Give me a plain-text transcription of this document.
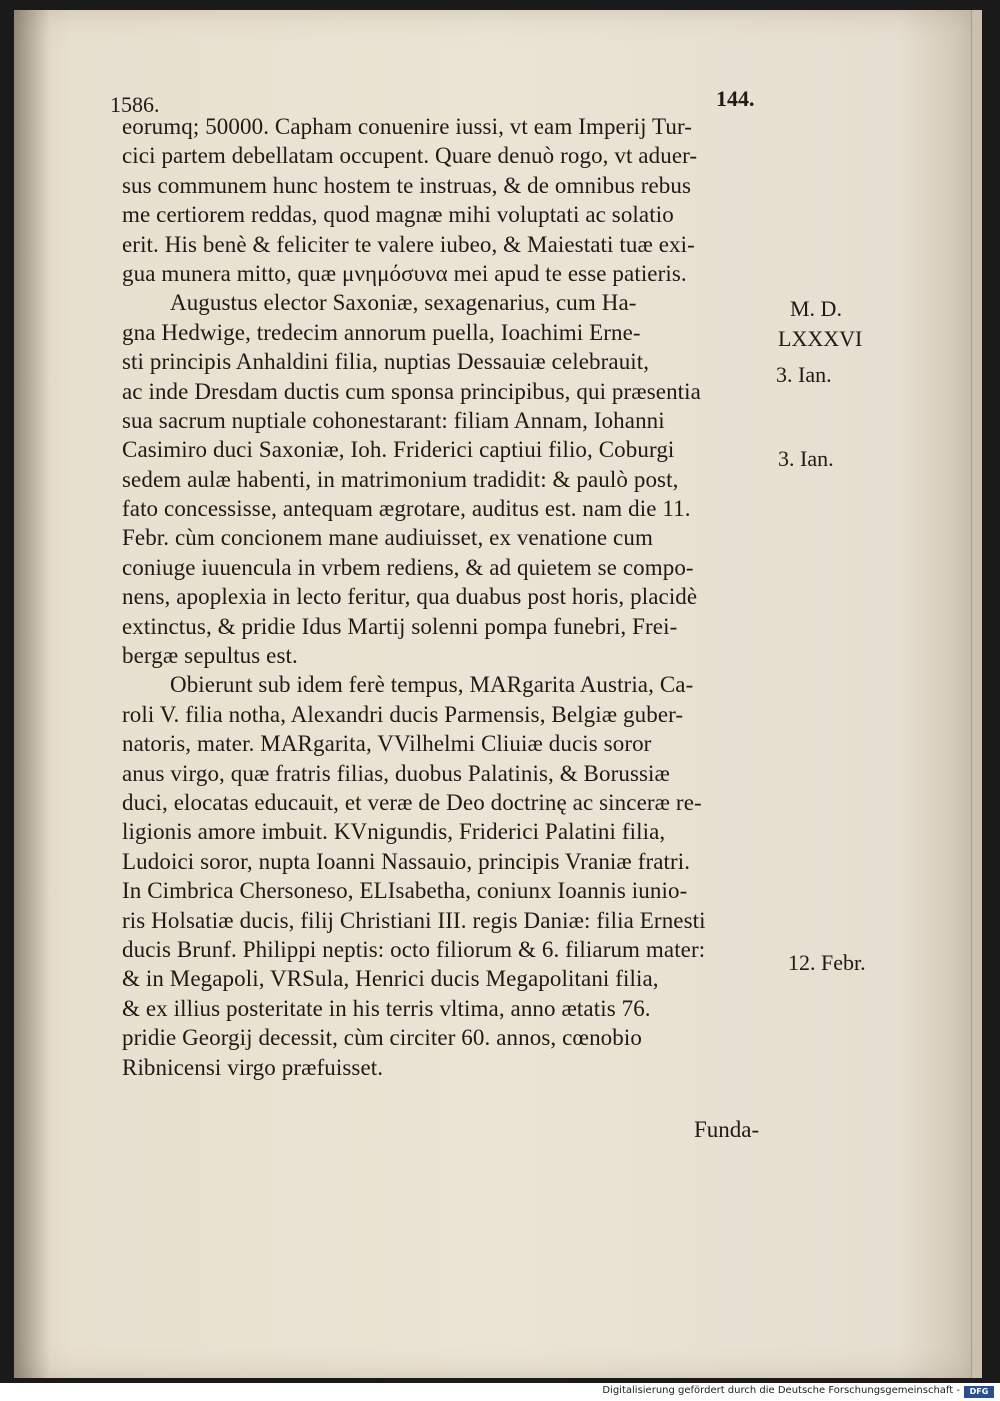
1586.	144.
eorumq; 50000. Capham conuenire iussi, vt eam Imperij Tur-
cici partem debellatam occupent. Quare denuò rogo, vt aduer-
sus communem hunc hostem te instruas, & de omnibus rebus
me certiorem reddas, quod magnæ mihi voluptati ac solatio
erit. His benè & feliciter te valere iubeo, & Maiestati tuæ exi-
gua munera mitto, quæ μνημόσυνα mei apud te esse patieris.
Augustus elector Saxoniæ, sexagenarius, cum Ha-
gna Hedwige, tredecim annorum puella, Ioachimi Erne-
sti principis Anhaldini filia, nuptias Dessauiæ celebrauit,
ac inde Dresdam ductis cum sponsa principibus, qui præsentia
sua sacrum nuptiale cohonestarant: filiam Annam, Iohanni
Casimiro duci Saxoniæ, Ioh. Friderici captiui filio, Coburgi
sedem aulæ habenti, in matrimonium tradidit: & paulò post,
fato concessisse, antequam ægrotare, auditus est. nam die 11.
Febr. cùm concionem mane audiuisset, ex venatione cum
coniuge iuuencula in vrbem rediens, & ad quietem se compo-
nens, apoplexia in lecto feritur, qua duabus post horis, placidè
extinctus, & pridie Idus Martij solenni pompa funebri, Frei-
bergæ sepultus est.
Obierunt sub idem ferè tempus, MARgarita Austria, Ca-
roli V. filia notha, Alexandri ducis Parmensis, Belgiæ guber-
natoris, mater. MARgarita, VVilhelmi Cliuiæ ducis soror
anus virgo, quæ fratris filias, duobus Palatinis, & Borussiæ
duci, elocatas educauit, et veræ de Deo doctrinę ac sinceræ re-
ligionis amore imbuit. KVnigundis, Friderici Palatini filia,
Ludoici soror, nupta Ioanni Nassauio, principis Vraniæ fratri.
In Cimbrica Chersoneso, ELIsabetha, coniunx Ioannis iunio-
ris Holsatiæ ducis, filij Christiani III. regis Daniæ: filia Ernesti
ducis Brunf. Philippi neptis: octo filiorum & 6. filiarum mater:
& in Megapoli, VRSula, Henrici ducis Megapolitani filia,
& ex illius posteritate in his terris vltima, anno ætatis 76.
pridie Georgij decessit, cùm circiter 60. annos, cœnobio
Ribnicensi virgo præfuisset.
M. D.
LXXXVI
3. Ian.
3. Ian.
12. Febr.
Funda-
Digitalisierung gefördert durch die Deutsche Forschungsgemeinschaft -	DFG
